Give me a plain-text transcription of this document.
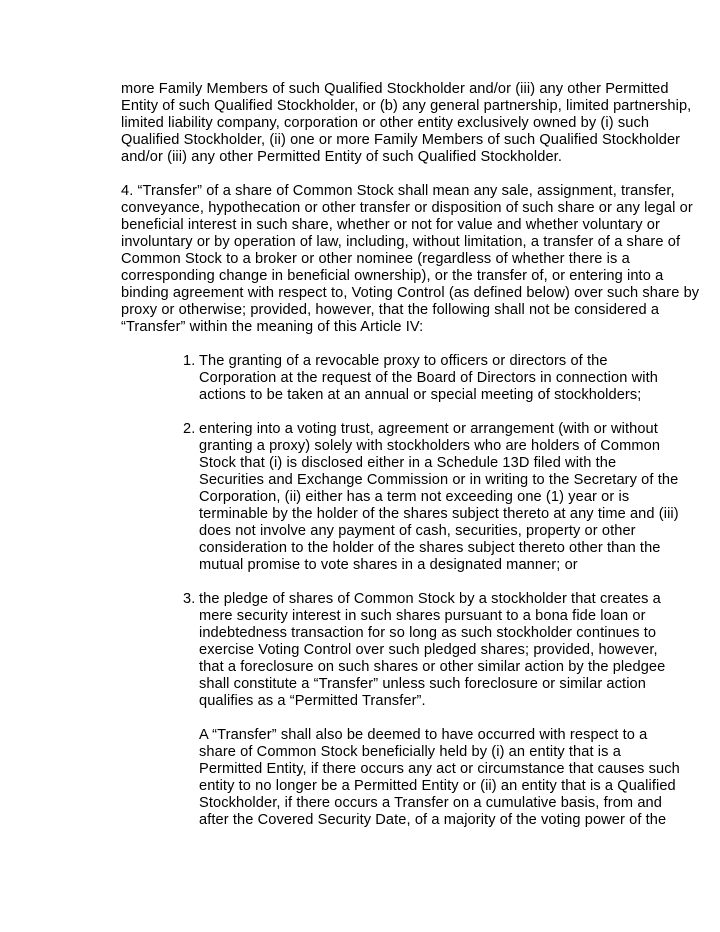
more Family Members of such Qualified Stockholder and/or (iii) any other Permitted
Entity of such Qualified Stockholder, or (b) any general partnership, limited partnership,
limited liability company, corporation or other entity exclusively owned by (i) such
Qualified Stockholder, (ii) one or more Family Members of such Qualified Stockholder
and/or (iii) any other Permitted Entity of such Qualified Stockholder.
4. “Transfer” of a share of Common Stock shall mean any sale, assignment, transfer,
conveyance, hypothecation or other transfer or disposition of such share or any legal or
beneficial interest in such share, whether or not for value and whether voluntary or
involuntary or by operation of law, including, without limitation, a transfer of a share of
Common Stock to a broker or other nominee (regardless of whether there is a
corresponding change in beneficial ownership), or the transfer of, or entering into a
binding agreement with respect to, Voting Control (as defined below) over such share by
proxy or otherwise; provided, however, that the following shall not be considered a
“Transfer” within the meaning of this Article IV:
1. The granting of a revocable proxy to officers or directors of the
Corporation at the request of the Board of Directors in connection with
actions to be taken at an annual or special meeting of stockholders;
2. entering into a voting trust, agreement or arrangement (with or without
granting a proxy) solely with stockholders who are holders of Common
Stock that (i) is disclosed either in a Schedule 13D filed with the
Securities and Exchange Commission or in writing to the Secretary of the
Corporation, (ii) either has a term not exceeding one (1) year or is
terminable by the holder of the shares subject thereto at any time and (iii)
does not involve any payment of cash, securities, property or other
consideration to the holder of the shares subject thereto other than the
mutual promise to vote shares in a designated manner; or
3. the pledge of shares of Common Stock by a stockholder that creates a
mere security interest in such shares pursuant to a bona fide loan or
indebtedness transaction for so long as such stockholder continues to
exercise Voting Control over such pledged shares; provided, however,
that a foreclosure on such shares or other similar action by the pledgee
shall constitute a “Transfer” unless such foreclosure or similar action
qualifies as a “Permitted Transfer”.
A “Transfer” shall also be deemed to have occurred with respect to a
share of Common Stock beneficially held by (i) an entity that is a
Permitted Entity, if there occurs any act or circumstance that causes such
entity to no longer be a Permitted Entity or (ii) an entity that is a Qualified
Stockholder, if there occurs a Transfer on a cumulative basis, from and
after the Covered Security Date, of a majority of the voting power of the
